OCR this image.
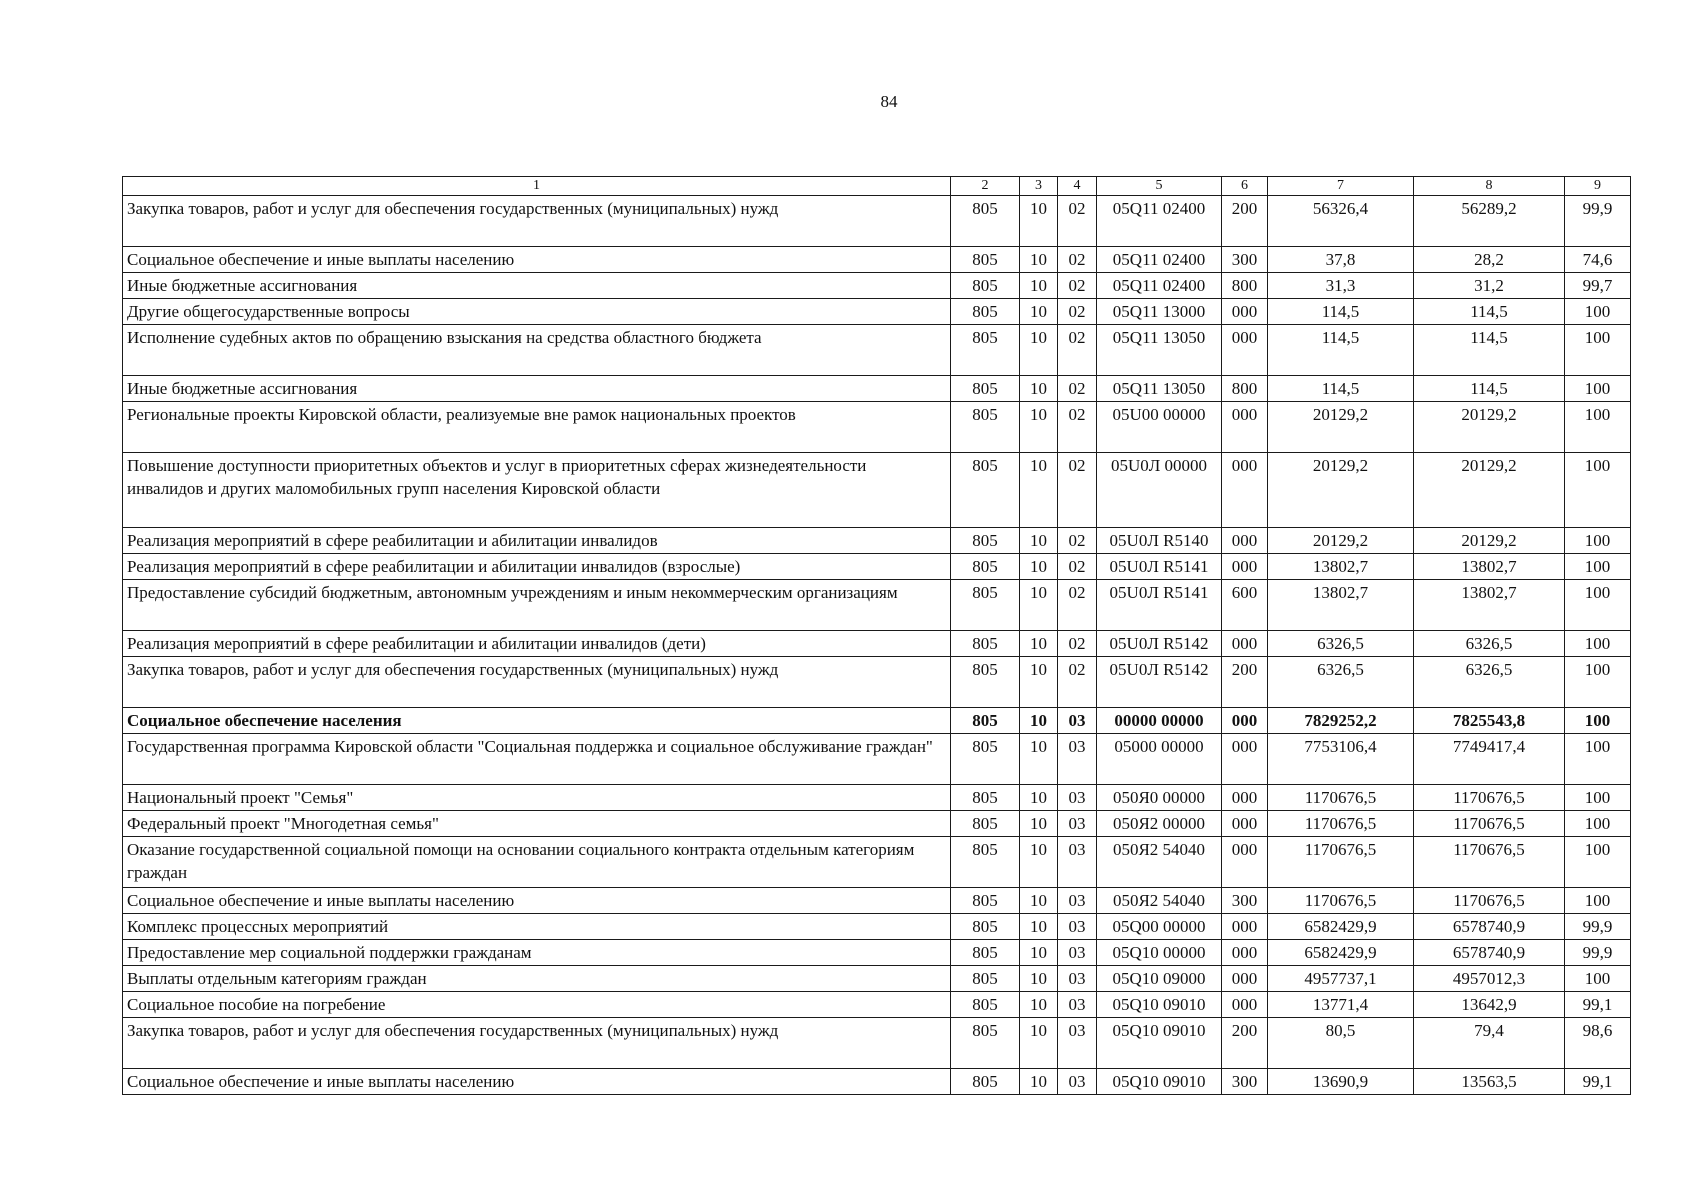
84
1	2	3	4	5	6	7	8	9
Закупка товаров, работ и услуг для обеспечения государственных (муниципальных) нужд	805	10	02	05Q11 02400	200	56326,4	56289,2	99,9
Социальное обеспечение и иные выплаты населению	805	10	02	05Q11 02400	300	37,8	28,2	74,6
Иные бюджетные ассигнования	805	10	02	05Q11 02400	800	31,3	31,2	99,7
Другие общегосударственные вопросы	805	10	02	05Q11 13000	000	114,5	114,5	100
Исполнение судебных актов по обращению взыскания на средства областного бюджета	805	10	02	05Q11 13050	000	114,5	114,5	100
Иные бюджетные ассигнования	805	10	02	05Q11 13050	800	114,5	114,5	100
Региональные проекты Кировской области, реализуемые вне рамок национальных проектов	805	10	02	05U00 00000	000	20129,2	20129,2	100
Повышение доступности приоритетных объектов и услуг в приоритетных сферах жизнедеятельности инвалидов и других маломобильных групп населения Кировской области	805	10	02	05U0Л 00000	000	20129,2	20129,2	100
Реализация мероприятий в сфере реабилитации и абилитации инвалидов	805	10	02	05U0Л R5140	000	20129,2	20129,2	100
Реализация мероприятий в сфере реабилитации и абилитации инвалидов (взрослые)	805	10	02	05U0Л R5141	000	13802,7	13802,7	100
Предоставление субсидий бюджетным, автономным учреждениям и иным некоммерческим организациям	805	10	02	05U0Л R5141	600	13802,7	13802,7	100
Реализация мероприятий в сфере реабилитации и абилитации инвалидов (дети)	805	10	02	05U0Л R5142	000	6326,5	6326,5	100
Закупка товаров, работ и услуг для обеспечения государственных (муниципальных) нужд	805	10	02	05U0Л R5142	200	6326,5	6326,5	100
Социальное обеспечение населения	805	10	03	00000 00000	000	7829252,2	7825543,8	100
Государственная программа Кировской области "Социальная поддержка и социальное обслуживание граждан"	805	10	03	05000 00000	000	7753106,4	7749417,4	100
Национальный проект "Семья"	805	10	03	050Я0 00000	000	1170676,5	1170676,5	100
Федеральный проект "Многодетная семья"	805	10	03	050Я2 00000	000	1170676,5	1170676,5	100
Оказание государственной социальной помощи на основании социального контракта отдельным категориям граждан	805	10	03	050Я2 54040	000	1170676,5	1170676,5	100
Социальное обеспечение и иные выплаты населению	805	10	03	050Я2 54040	300	1170676,5	1170676,5	100
Комплекс процессных мероприятий	805	10	03	05Q00 00000	000	6582429,9	6578740,9	99,9
Предоставление мер социальной поддержки гражданам	805	10	03	05Q10 00000	000	6582429,9	6578740,9	99,9
Выплаты отдельным категориям граждан	805	10	03	05Q10 09000	000	4957737,1	4957012,3	100
Социальное пособие на погребение	805	10	03	05Q10 09010	000	13771,4	13642,9	99,1
Закупка товаров, работ и услуг для обеспечения государственных (муниципальных) нужд	805	10	03	05Q10 09010	200	80,5	79,4	98,6
Социальное обеспечение и иные выплаты населению	805	10	03	05Q10 09010	300	13690,9	13563,5	99,1
